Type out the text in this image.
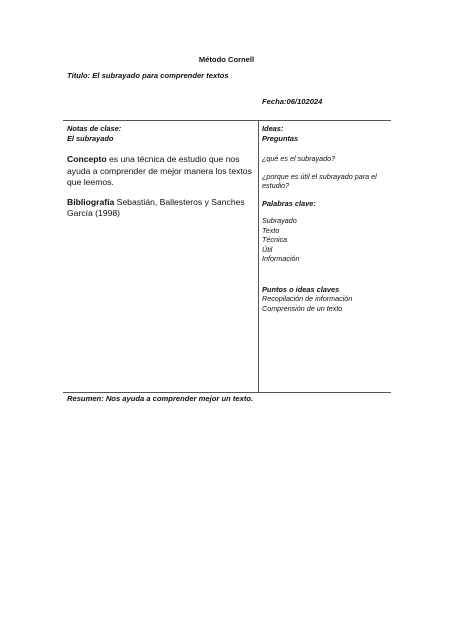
Método Cornell
Título: El subrayado para comprender textos
Fecha:06/102024
Notas de clase:
El subrayado
Concepto es una técnica de estudio que nos ayuda a comprender de mejor manera los textos que leemos.
Bibliografía Sebastián, Ballesteros y Sanches García (1998)
Ideas:
Preguntas
¿qué es el subrayado?
¿porque es útil el subrayado para el estudio?
Palabras clave:
Subrayado
Texto
Técnica
Útil
Información
Puntos o ideas claves
Recopilación de información
Comprensión de un texto
Resumen: Nos ayuda a comprender mejor un texto.
